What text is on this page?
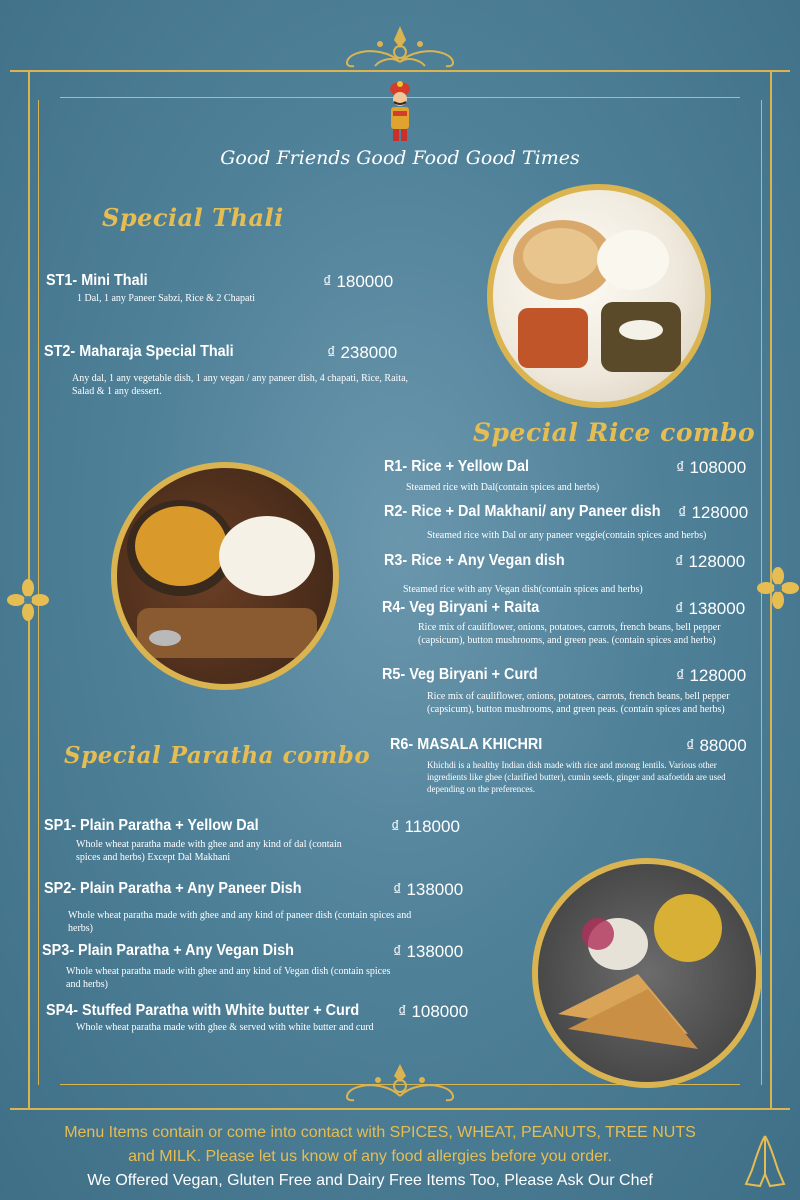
Good Friends Good Food Good Times
Special Thali
Special Rice combo
Special Paratha combo
ST1- Mini Thali	₫ 180000
1 Dal, 1 any Paneer Sabzi, Rice & 2 Chapati
ST2- Maharaja Special Thali	₫ 238000
Any dal, 1 any vegetable dish, 1 any vegan / any paneer dish, 4 chapati, Rice, Raita, Salad & 1 any dessert.
R1- Rice + Yellow Dal	₫ 108000
Steamed rice with Dal(contain spices and herbs)
R2- Rice + Dal Makhani/ any Paneer dish ₫ 128000
Steamed rice with Dal or any paneer veggie(contain spices and herbs)
R3- Rice + Any Vegan dish	₫ 128000
Steamed rice with any Vegan dish(contain spices and herbs)
R4- Veg Biryani + Raita	₫ 138000
Rice mix of cauliflower, onions, potatoes, carrots, french beans, bell pepper (capsicum), button mushrooms, and green peas. (contain spices and herbs)
R5- Veg Biryani + Curd	₫ 128000
Rice mix of cauliflower, onions, potatoes, carrots, french beans, bell pepper (capsicum), button mushrooms, and green peas. (contain spices and herbs)
R6- MASALA KHICHRI	₫ 88000
Khichdi is a healthy Indian dish made with rice and moong lentils. Various other ingredients like ghee (clarified butter), cumin seeds, ginger and asafoetida are used depending on the preferences.
SP1- Plain Paratha + Yellow Dal	₫ 118000
Whole wheat paratha made with ghee and any kind of dal (contain spices and herbs) Except Dal Makhani
SP2- Plain Paratha + Any Paneer Dish	₫ 138000
Whole wheat paratha made with ghee and any kind of paneer dish (contain spices and herbs)
SP3- Plain Paratha + Any Vegan Dish	₫ 138000
Whole wheat paratha made with ghee and any kind of Vegan dish (contain spices and herbs)
SP4- Stuffed Paratha with White butter + Curd ₫ 108000
Whole wheat paratha made with ghee & served with white butter and curd
Menu Items contain or come into contact with SPICES, WHEAT, PEANUTS, TREE NUTS
and MILK. Please let us know of any food allergies before you order.
We Offered Vegan, Gluten Free and Dairy Free Items Too, Please Ask Our Chef
